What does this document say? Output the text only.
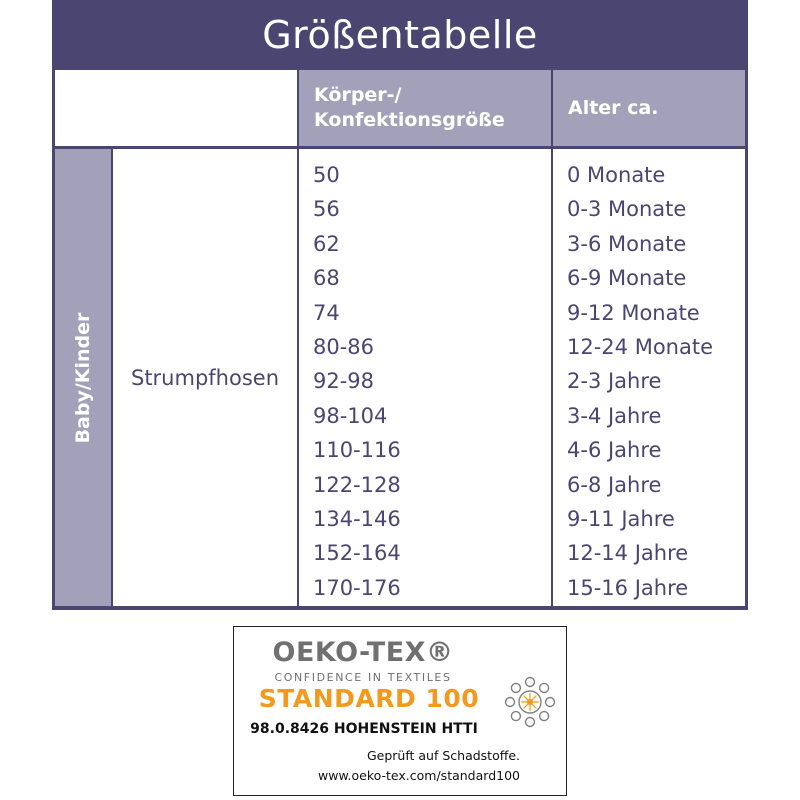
Größentabelle
Körper-/
Konfektionsgröße
Alter ca.
Baby/Kinder Strumpfhosen
50
56
62
68
74
80-86
92-98
98-104
110-116
122-128
134-146
152-164
170-176
0 Monate
0-3 Monate
3-6 Monate
6-9 Monate
9-12 Monate
12-24 Monate
2-3 Jahre
3-4 Jahre
4-6 Jahre
6-8 Jahre
9-11 Jahre
12-14 Jahre
15-16 Jahre
OEKO-TEX®
CONFIDENCE IN TEXTILES
STANDARD 100
98.0.8426 HOHENSTEIN HTTI
Geprüft auf Schadstoffe.
www.oeko-tex.com/standard100
